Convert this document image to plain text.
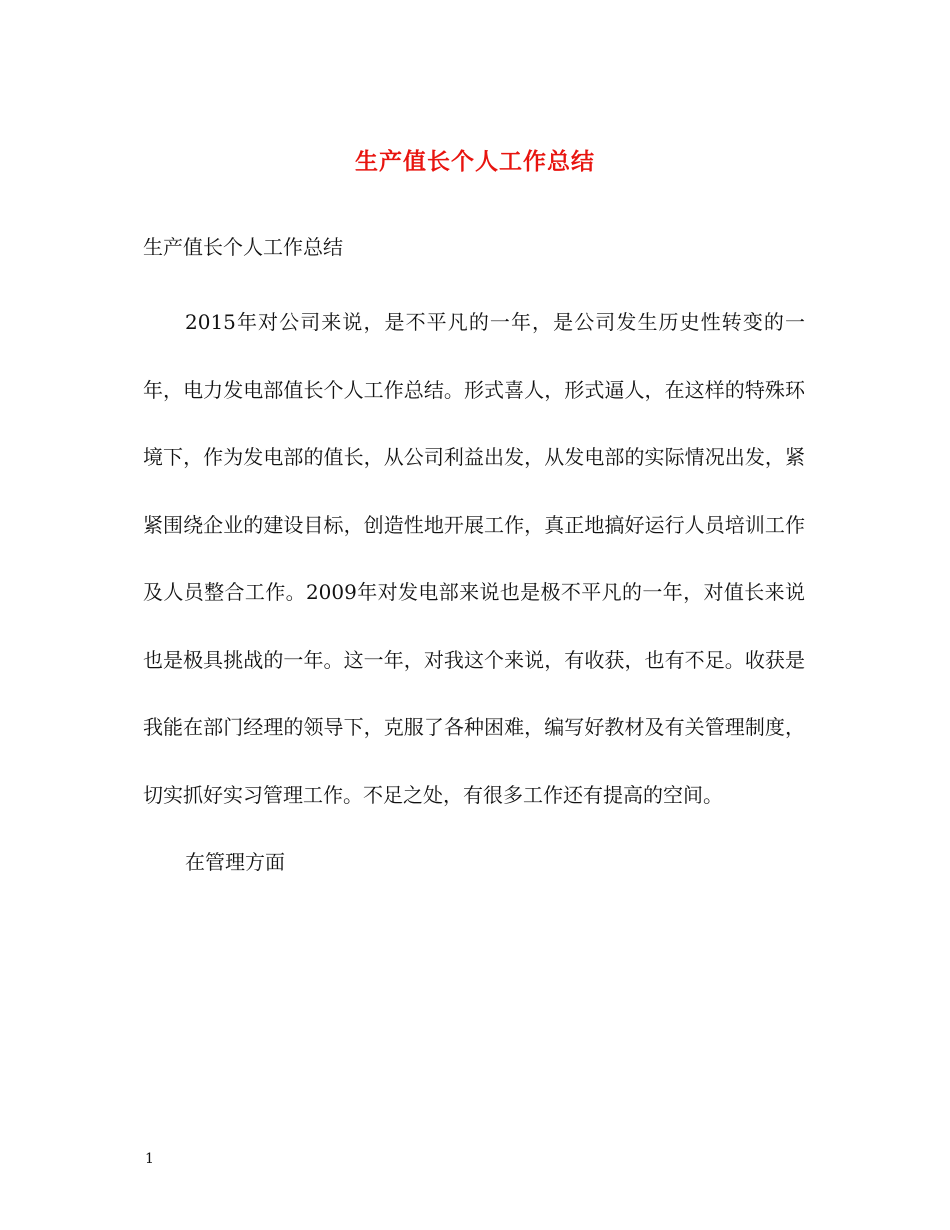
生产值长个人工作总结

生产值长个人工作总结

2015年对公司来说，是不平凡的一年，是公司发生历史性转变的一年，电力发电部值长个人工作总结。形式喜人，形式逼人，在这样的特殊环境下，作为发电部的值长，从公司利益出发，从发电部的实际情况出发，紧紧围绕企业的建设目标，创造性地开展工作，真正地搞好运行人员培训工作及人员整合工作。2009年对发电部来说也是极不平凡的一年，对值长来说也是极具挑战的一年。这一年，对我这个来说，有收获，也有不足。收获是我能在部门经理的领导下，克服了各种困难，编写好教材及有关管理制度，切实抓好实习管理工作。不足之处，有很多工作还有提高的空间。

在管理方面

1
